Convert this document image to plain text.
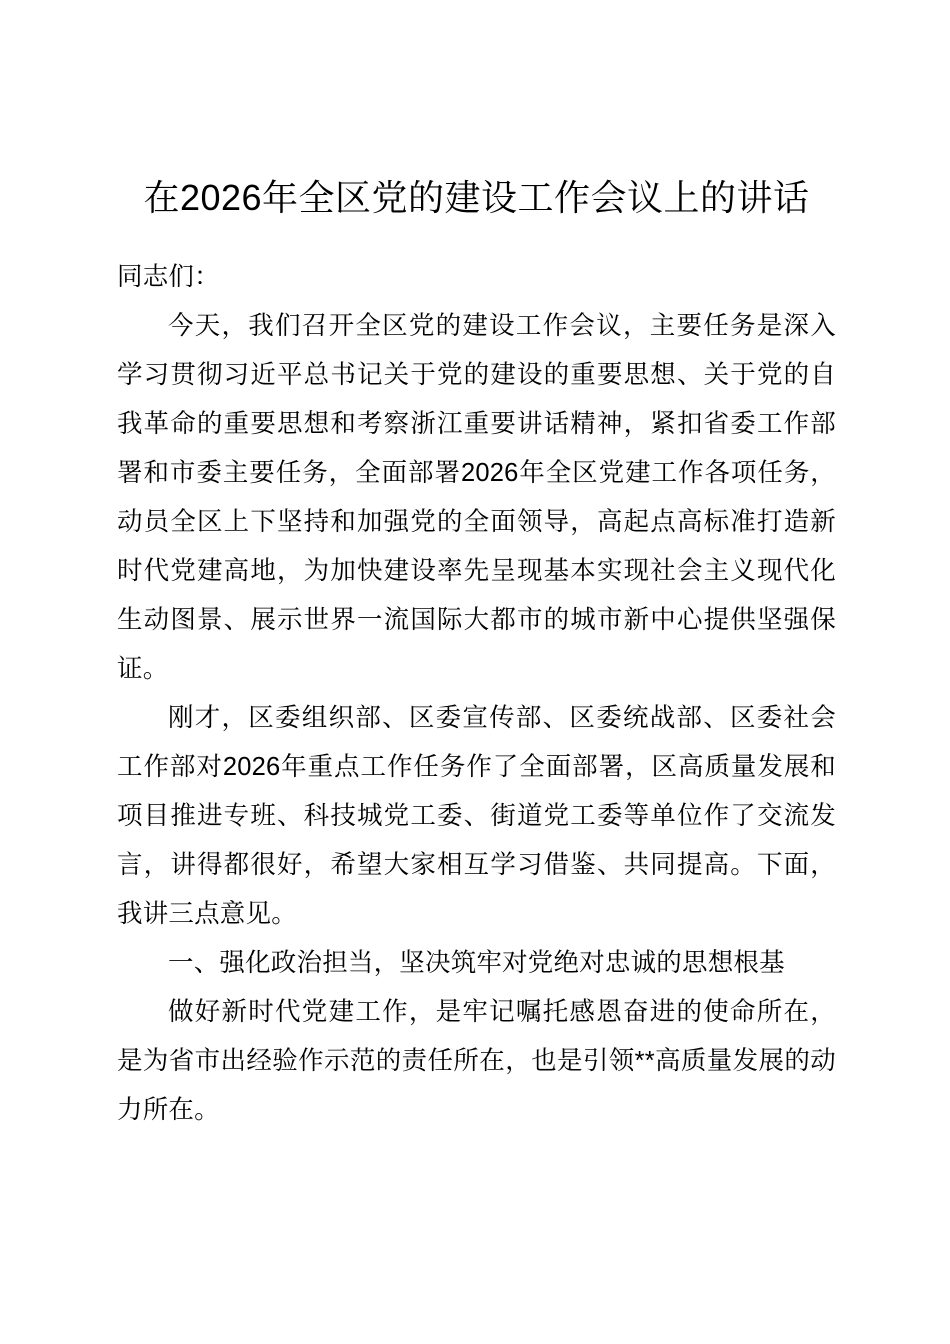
在2026年全区党的建设工作会议上的讲话

同志们：

今天，我们召开全区党的建设工作会议，主要任务是深入学习贯彻习近平总书记关于党的建设的重要思想、关于党的自我革命的重要思想和考察浙江重要讲话精神，紧扣省委工作部署和市委主要任务，全面部署2026年全区党建工作各项任务，动员全区上下坚持和加强党的全面领导，高起点高标准打造新时代党建高地，为加快建设率先呈现基本实现社会主义现代化生动图景、展示世界一流国际大都市的城市新中心提供坚强保证。

刚才，区委组织部、区委宣传部、区委统战部、区委社会工作部对2026年重点工作任务作了全面部署，区高质量发展和项目推进专班、科技城党工委、街道党工委等单位作了交流发言，讲得都很好，希望大家相互学习借鉴、共同提高。下面，我讲三点意见。

一、强化政治担当，坚决筑牢对党绝对忠诚的思想根基

做好新时代党建工作，是牢记嘱托感恩奋进的使命所在，是为省市出经验作示范的责任所在，也是引领**高质量发展的动力所在。
